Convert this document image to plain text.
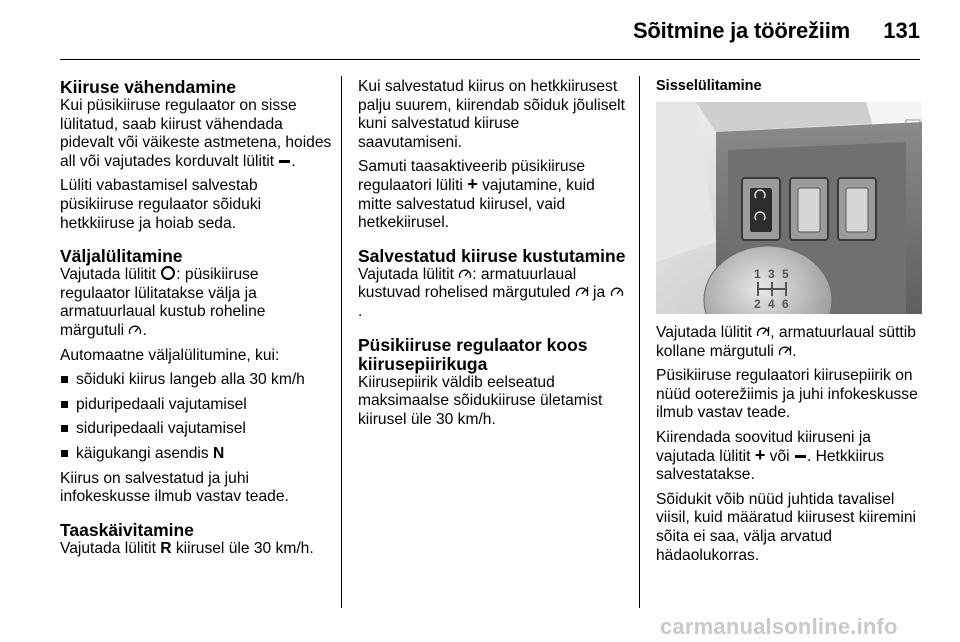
Sõitmine ja töörežiim 131
Kiiruse vähendamine

Kui püsikiiruse regulaator on sisse lülitatud, saab kiirust vähendada pidevalt või väikeste astmetena, hoides all või vajutades korduvalt lülitit .

Lüliti vabastamisel salvestab püsikiiruse regulaator sõiduki hetkkiiruse ja hoiab seda.

Väljalülitamine

Vajutada lülitit : püsikiiruse regulaator lülitatakse välja ja armatuurlaual kustub roheline märgutuli .

Automaatne väljalülitumine, kui:

sõiduki kiirus langeb alla 30 km/h
piduripedaali vajutamisel
siduripedaali vajutamisel
käigukangi asendis N

Kiirus on salvestatud ja juhi infokeskusse ilmub vastav teade.

Taaskäivitamine

Vajutada lülitit R kiirusel üle 30 km/h.

Kui salvestatud kiirus on hetkkiirusest palju suurem, kiirendab sõiduk jõuliselt kuni salvestatud kiiruse saavutamiseni.

Samuti taasaktiveerib püsikiiruse regulaatori lüliti + vajutamine, kuid mitte salvestatud kiirusel, vaid hetkekiirusel.

Salvestatud kiiruse kustutamine

Vajutada lülitit : armatuurlaual kustuvad rohelised märgutuled  ja .

Püsikiiruse regulaator koos kiirusepiirikuga

Kiirusepiirik väldib eelseatud maksimaalse sõidukiiruse ületamist kiirusel üle 30 km/h.

Sisselülitamine
1 3 5
2 4 6

Vajutada lülitit , armatuurlaual süttib kollane märgutuli .

Püsikiiruse regulaatori kiirusepiirik on nüüd ooterežiimis ja juhi infokeskusse ilmub vastav teade.

Kiirendada soovitud kiiruseni ja vajutada lülitit + või . Hetkkiirus salvestatakse.

Sõidukit võib nüüd juhtida tavalisel viisil, kuid määratud kiirusest kiiremini sõita ei saa, välja arvatud hädaolukorras.

carmanualsonline.info
